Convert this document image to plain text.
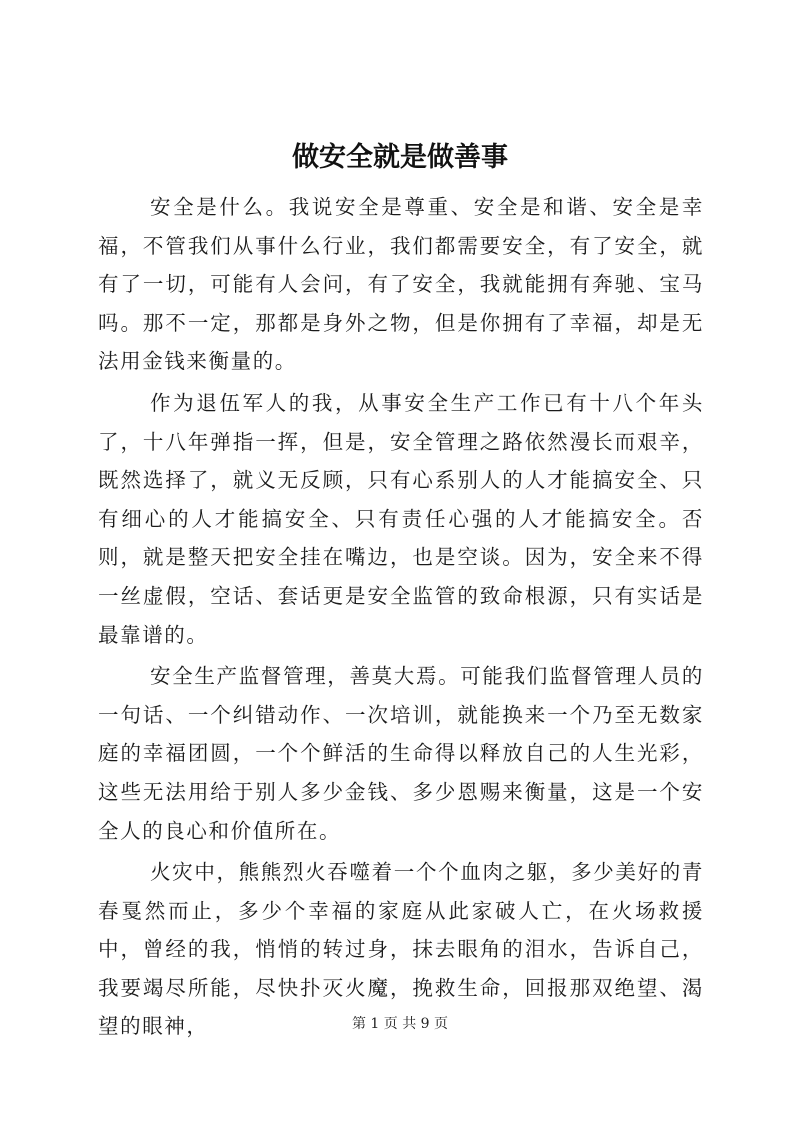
做安全就是做善事

安全是什么。我说安全是尊重、安全是和谐、安全是幸福，不管我们从事什么行业，我们都需要安全，有了安全，就有了一切，可能有人会问，有了安全，我就能拥有奔驰、宝马吗。那不一定，那都是身外之物，但是你拥有了幸福，却是无法用金钱来衡量的。

作为退伍军人的我，从事安全生产工作已有十八个年头了，十八年弹指一挥，但是，安全管理之路依然漫长而艰辛，既然选择了，就义无反顾，只有心系别人的人才能搞安全、只有细心的人才能搞安全、只有责任心强的人才能搞安全。否则，就是整天把安全挂在嘴边，也是空谈。因为，安全来不得一丝虚假，空话、套话更是安全监管的致命根源，只有实话是最靠谱的。

安全生产监督管理，善莫大焉。可能我们监督管理人员的一句话、一个纠错动作、一次培训，就能换来一个乃至无数家庭的幸福团圆，一个个鲜活的生命得以释放自己的人生光彩，这些无法用给于别人多少金钱、多少恩赐来衡量，这是一个安全人的良心和价值所在。

火灾中，熊熊烈火吞噬着一个个血肉之躯，多少美好的青春戛然而止，多少个幸福的家庭从此家破人亡，在火场救援中，曾经的我，悄悄的转过身，抹去眼角的泪水，告诉自己，我要竭尽所能，尽快扑灭火魔，挽救生命，回报那双绝望、渴望的眼神，	第 1 页 共 9 页
